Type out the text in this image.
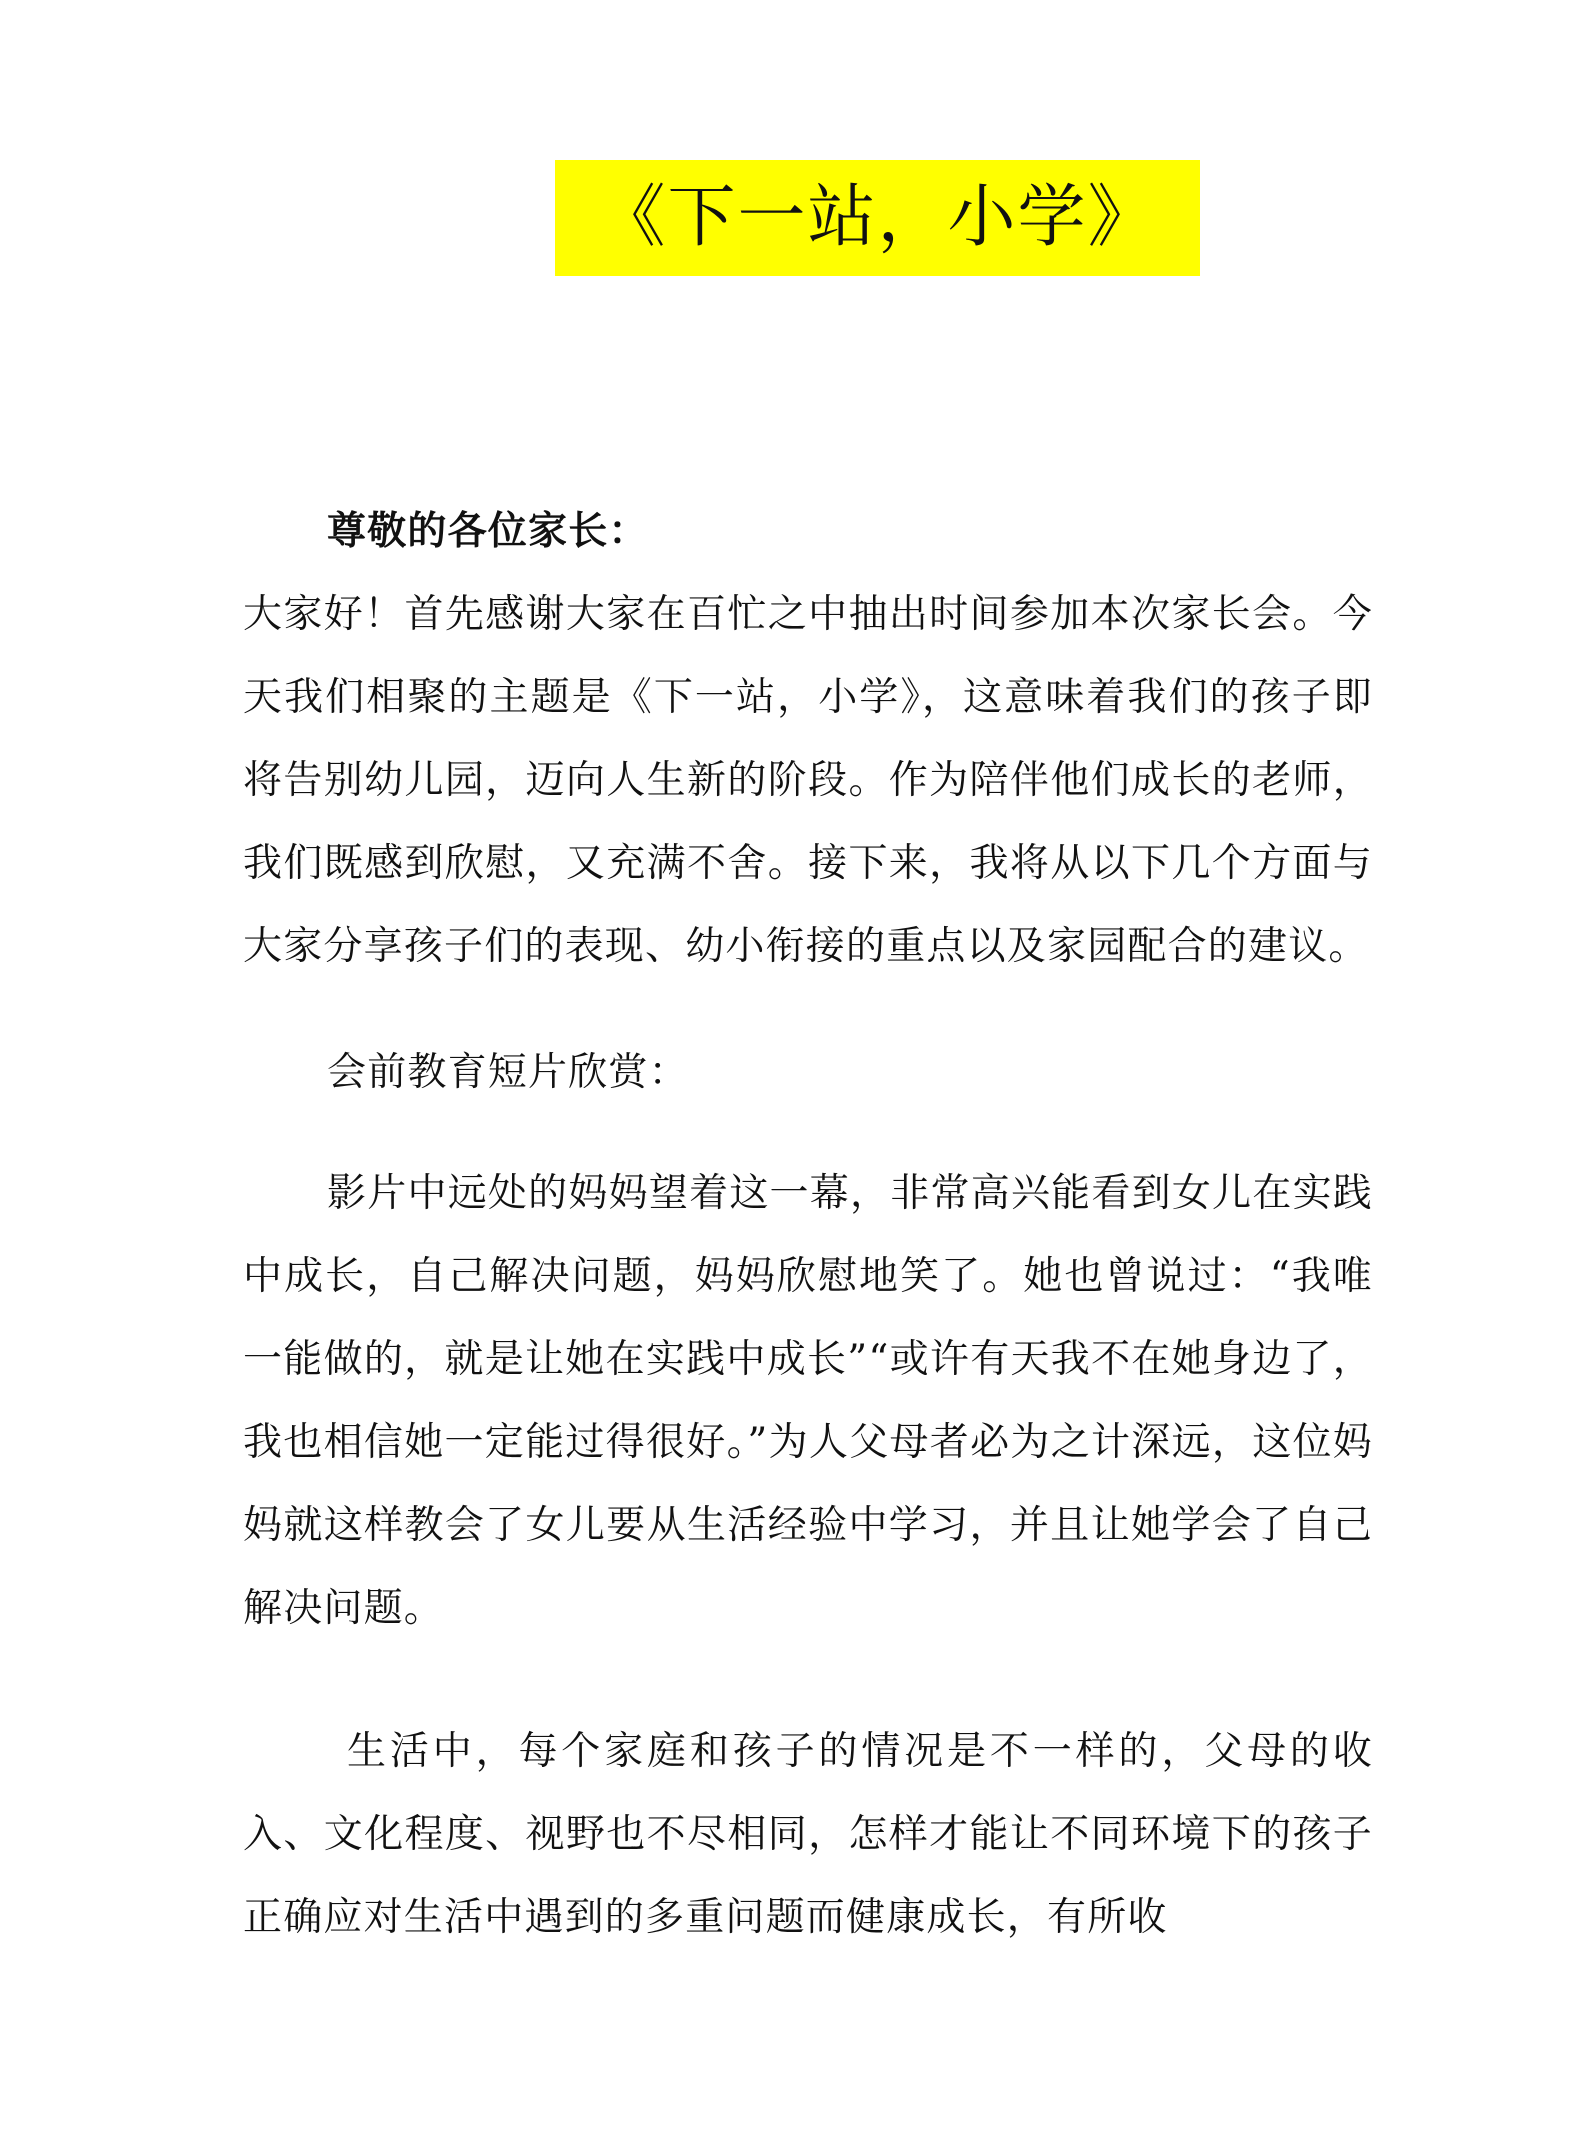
《下一站，小学》

尊敬的各位家长：

大家好！首先感谢大家在百忙之中抽出时间参加本次家长会。今天我们相聚的主题是《下一站，小学》，这意味着我们的孩子即将告别幼儿园，迈向人生新的阶段。作为陪伴他们成长的老师，我们既感到欣慰，又充满不舍。接下来，我将从以下几个方面与大家分享孩子们的表现、幼小衔接的重点以及家园配合的建议。

会前教育短片欣赏：

影片中远处的妈妈望着这一幕，非常高兴能看到女儿在实践中成长，自己解决问题，妈妈欣慰地笑了。她也曾说过：“我唯一能做的，就是让她在实践中成长”“或许有天我不在她身边了，我也相信她一定能过得很好。”为人父母者必为之计深远，这位妈妈就这样教会了女儿要从生活经验中学习，并且让她学会了自己解决问题。

生活中，每个家庭和孩子的情况是不一样的，父母的收入、文化程度、视野也不尽相同，怎样才能让不同环境下的孩子正确应对生活中遇到的多重问题而健康成长，有所收
